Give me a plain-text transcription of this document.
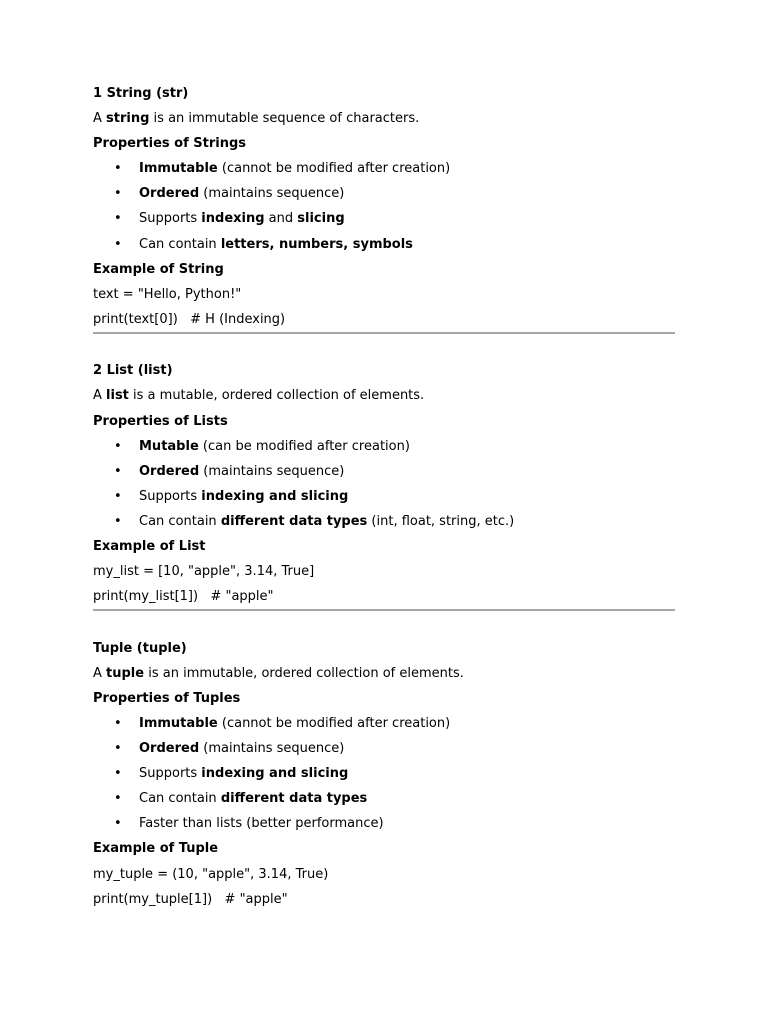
1 String (str)
A string is an immutable sequence of characters.
Properties of Strings
• Immutable (cannot be modified after creation)
• Ordered (maintains sequence)
• Supports indexing and slicing
• Can contain letters, numbers, symbols
Example of String
text = "Hello, Python!"
print(text[0])   # H (Indexing)
2 List (list)
A list is a mutable, ordered collection of elements.
Properties of Lists
• Mutable (can be modified after creation)
• Ordered (maintains sequence)
• Supports indexing and slicing
• Can contain different data types (int, float, string, etc.)
Example of List
my_list = [10, "apple", 3.14, True]
print(my_list[1])   # "apple"
Tuple (tuple)
A tuple is an immutable, ordered collection of elements.
Properties of Tuples
• Immutable (cannot be modified after creation)
• Ordered (maintains sequence)
• Supports indexing and slicing
• Can contain different data types
• Faster than lists (better performance)
Example of Tuple
my_tuple = (10, "apple", 3.14, True)
print(my_tuple[1])   # "apple"
